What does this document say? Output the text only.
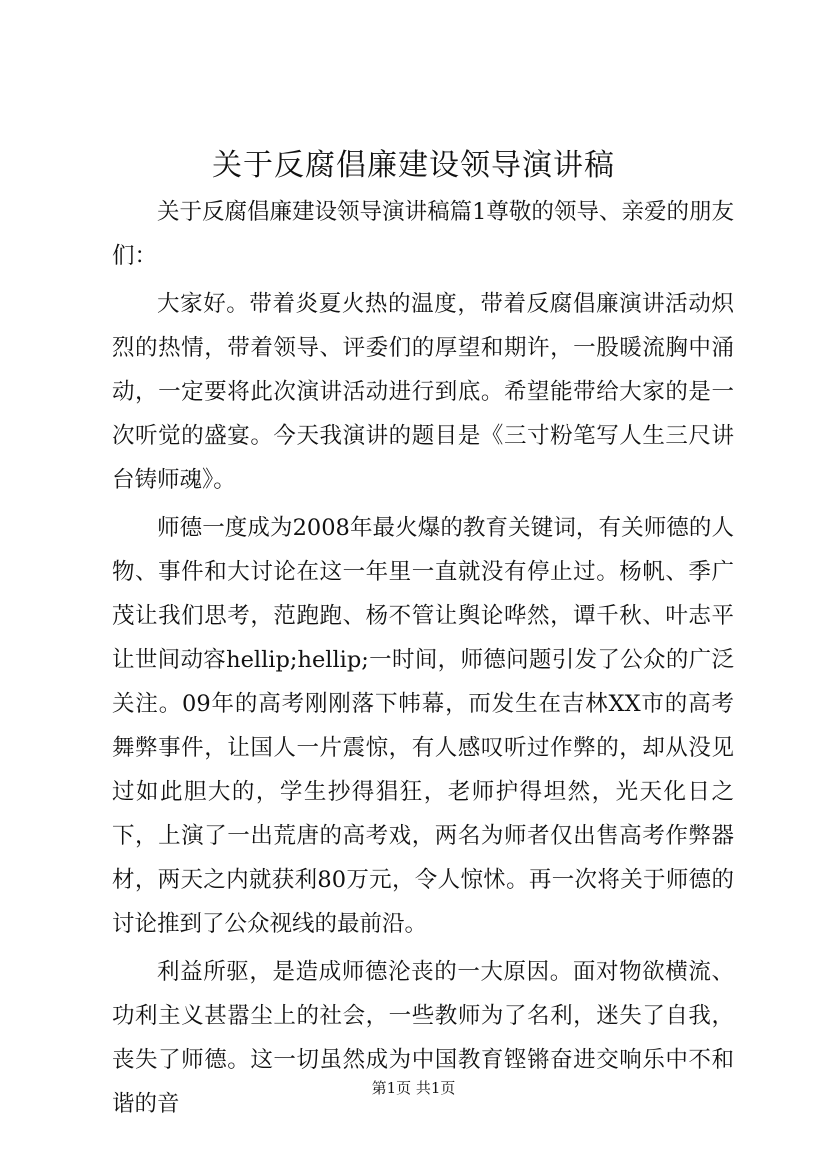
关于反腐倡廉建设领导演讲稿

关于反腐倡廉建设领导演讲稿篇1尊敬的领导、亲爱的朋友们：

大家好。带着炎夏火热的温度，带着反腐倡廉演讲活动炽烈的热情，带着领导、评委们的厚望和期许，一股暖流胸中涌动，一定要将此次演讲活动进行到底。希望能带给大家的是一次听觉的盛宴。今天我演讲的题目是《三寸粉笔写人生三尺讲台铸师魂》。

师德一度成为2008年最火爆的教育关键词，有关师德的人物、事件和大讨论在这一年里一直就没有停止过。杨帆、季广茂让我们思考，范跑跑、杨不管让舆论哗然，谭千秋、叶志平让世间动容hellip;hellip;一时间，师德问题引发了公众的广泛关注。09年的高考刚刚落下帏幕，而发生在吉林XX市的高考舞弊事件，让国人一片震惊，有人感叹听过作弊的，却从没见过如此胆大的，学生抄得猖狂，老师护得坦然，光天化日之下，上演了一出荒唐的高考戏，两名为师者仅出售高考作弊器材，两天之内就获利80万元，令人惊怵。再一次将关于师德的讨论推到了公众视线的最前沿。

利益所驱，是造成师德沦丧的一大原因。面对物欲横流、功利主义甚嚣尘上的社会，一些教师为了名利，迷失了自我，丧失了师德。这一切虽然成为中国教育铿锵奋进交响乐中不和谐的音

第1页 共1页
